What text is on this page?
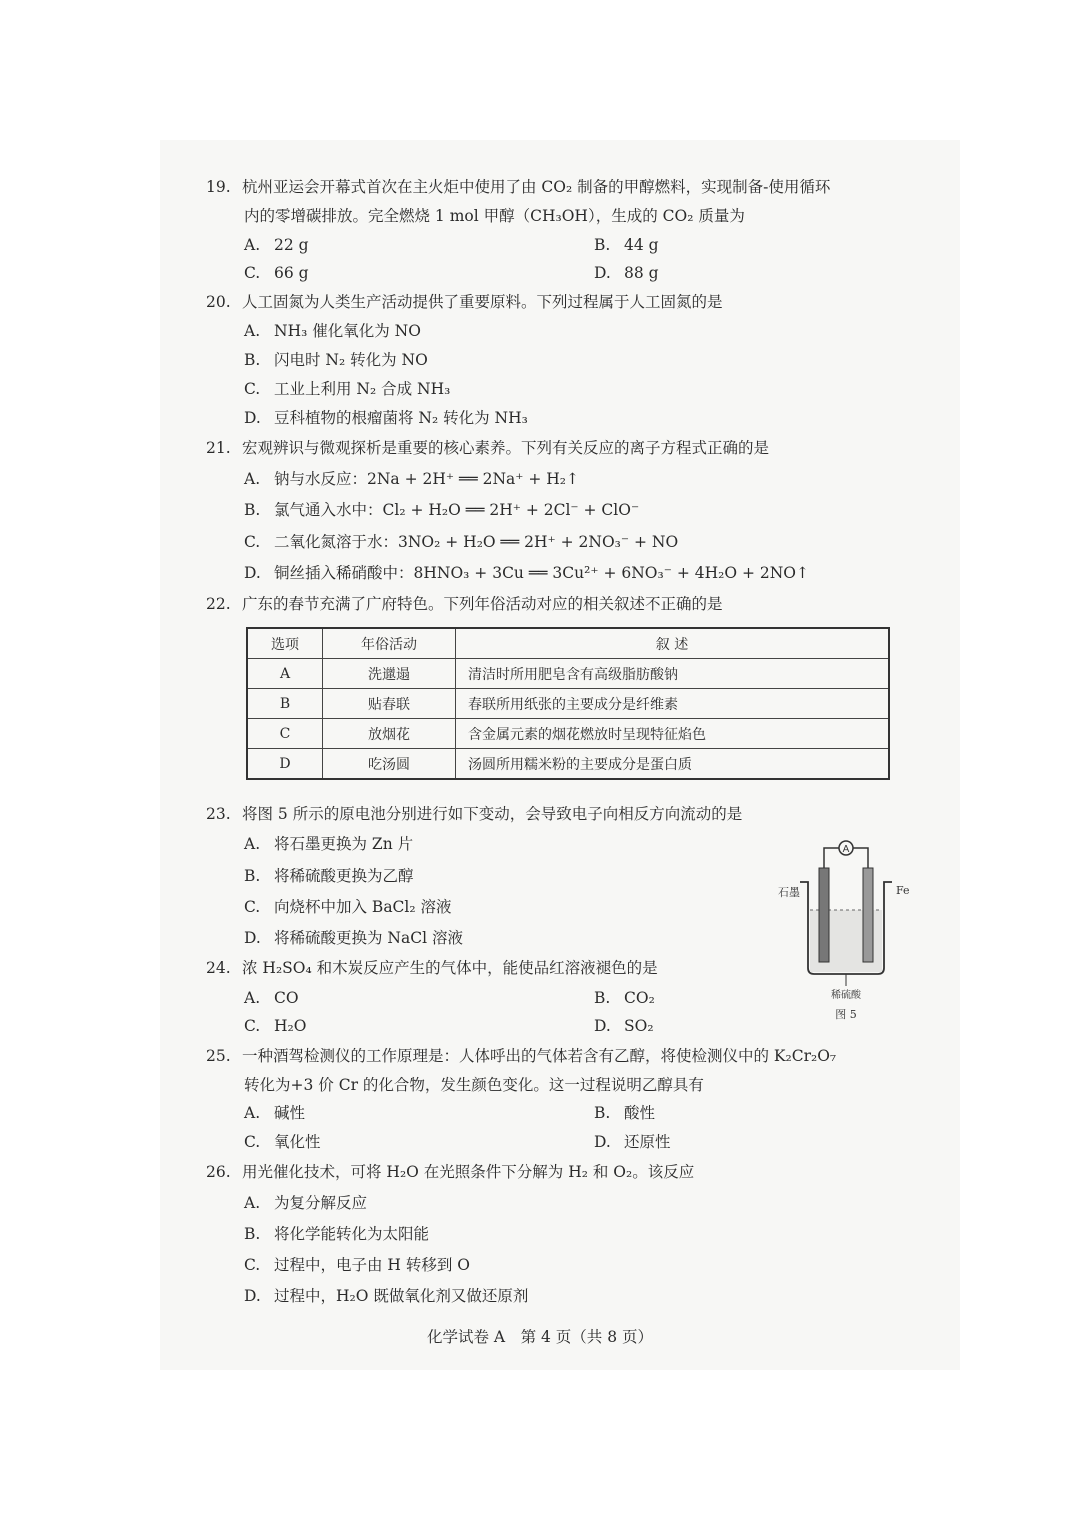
19. 杭州亚运会开幕式首次在主火炬中使用了由 CO₂ 制备的甲醇燃料，实现制备-使用循环
内的零增碳排放。完全燃烧 1 mol 甲醇（CH₃OH），生成的 CO₂ 质量为
A. 22 g	B. 44 g
C. 66 g	D. 88 g
20. 人工固氮为人类生产活动提供了重要原料。下列过程属于人工固氮的是
A. NH₃ 催化氧化为 NO
B. 闪电时 N₂ 转化为 NO
C. 工业上利用 N₂ 合成 NH₃
D. 豆科植物的根瘤菌将 N₂ 转化为 NH₃
21. 宏观辨识与微观探析是重要的核心素养。下列有关反应的离子方程式正确的是
A. 钠与水反应：2Na + 2H⁺ ══ 2Na⁺ + H₂↑
B. 氯气通入水中：Cl₂ + H₂O ══ 2H⁺ + 2Cl⁻ + ClO⁻
C. 二氧化氮溶于水：3NO₂ + H₂O ══ 2H⁺ + 2NO₃⁻ + NO
D. 铜丝插入稀硝酸中：8HNO₃ + 3Cu ══ 3Cu²⁺ + 6NO₃⁻ + 4H₂O + 2NO↑
22. 广东的春节充满了广府特色。下列年俗活动对应的相关叙述不正确的是
选项	年俗活动	叙 述
A	洗邋遢	清洁时所用肥皂含有高级脂肪酸钠
B	贴春联	春联所用纸张的主要成分是纤维素
C	放烟花	含金属元素的烟花燃放时呈现特征焰色
D	吃汤圆	汤圆所用糯米粉的主要成分是蛋白质
23. 将图 5 所示的原电池分别进行如下变动，会导致电子向相反方向流动的是
A. 将石墨更换为 Zn 片
B. 将稀硫酸更换为乙醇
C. 向烧杯中加入 BaCl₂ 溶液
D. 将稀硫酸更换为 NaCl 溶液
A
石墨	Fe
稀硫酸
图 5
24. 浓 H₂SO₄ 和木炭反应产生的气体中，能使品红溶液褪色的是
A. CO	B. CO₂
C. H₂O	D. SO₂
25. 一种酒驾检测仪的工作原理是：人体呼出的气体若含有乙醇，将使检测仪中的 K₂Cr₂O₇
转化为+3 价 Cr 的化合物，发生颜色变化。这一过程说明乙醇具有
A. 碱性	B. 酸性
C. 氧化性	D. 还原性
26. 用光催化技术，可将 H₂O 在光照条件下分解为 H₂ 和 O₂。该反应
A. 为复分解反应
B. 将化学能转化为太阳能
C. 过程中，电子由 H 转移到 O
D. 过程中，H₂O 既做氧化剂又做还原剂
化学试卷 A　第 4 页（共 8 页）
